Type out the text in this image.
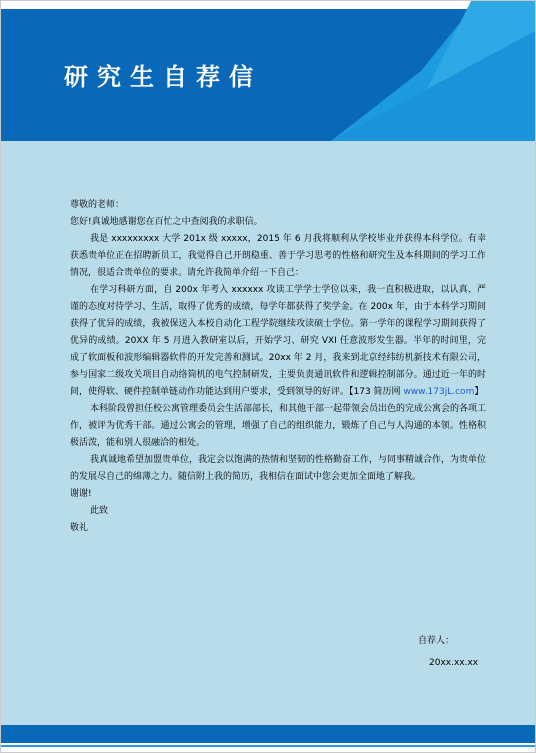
研究生自荐信

尊敬的老师：

您好!真诚地感谢您在百忙之中查阅我的求职信。

我是 xxxxxxxxx 大学 201x 级 xxxxx，2015 年 6 月我将顺利从学校毕业并获得本科学位。有幸获悉贵单位正在招聘新员工，我觉得自己开朗稳重、善于学习思考的性格和研究生及本科期间的学习工作情况，很适合贵单位的要求。请允许我简单介绍一下自己：

在学习科研方面，自 200x 年考入 xxxxxx 攻读工学学士学位以来，我一直积极进取，以认真、严谨的态度对待学习、生活，取得了优秀的成绩，每学年都获得了奖学金。在 200x 年，由于本科学习期间获得了优异的成绩，我被保送入本校自动化工程学院继续攻读硕士学位。第一学年的课程学习期间获得了优异的成绩。20XX 年 5 月进入教研室以后，开始学习、研究 VXI 任意波形发生器。半年的时间里，完成了软面板和波形编辑器软件的开发完善和测试。20xx 年 2 月，我来到北京经纬纺机新技术有限公司，参与国家二级攻关项目自动络筒机的电气控制研发，主要负责通讯软件和逻辑控制部分。通过近一年的时间，使得软、硬件控制单链动作功能达到用户要求，受到领导的好评。【173 简历网 www.173jL.com】

本科阶段曾担任校公寓管理委员会生活部部长，和其他干部一起带领会员出色的完成公寓会的各项工作，被评为优秀干部。通过公寓会的管理，增强了自己的组织能力，锻炼了自己与人沟通的本领。性格积极活泼，能和别人很融洽的相处。

我真诚地希望加盟贵单位，我定会以饱满的热情和坚韧的性格勤奋工作，与同事精诚合作，为贵单位的发展尽自己的绵薄之力。随信附上我的简历，我相信在面试中您会更加全面地了解我。

谢谢!

此致

敬礼

自荐人：
20xx.xx.xx
